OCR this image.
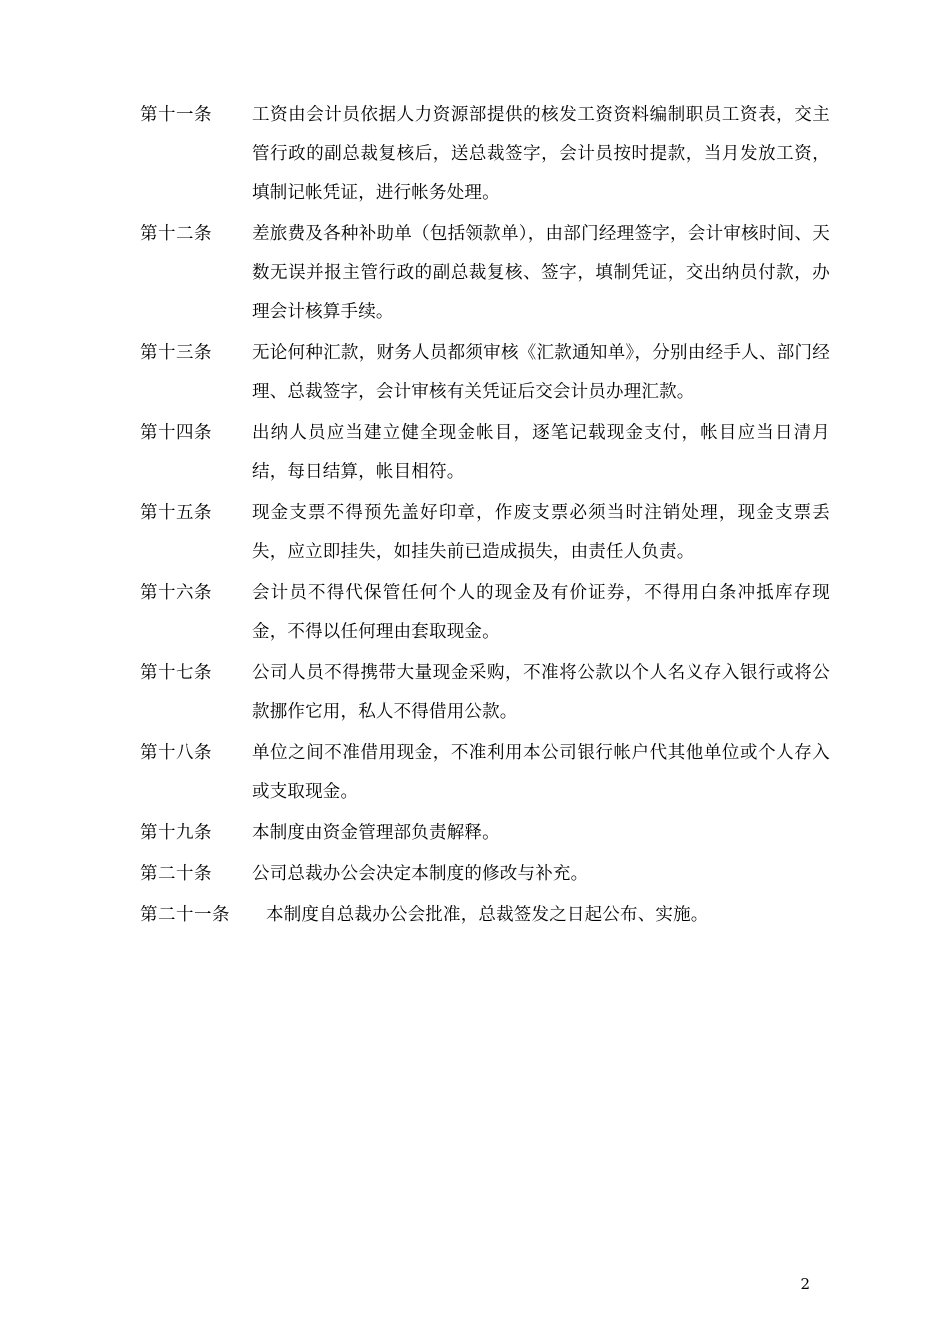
第十一条	工资由会计员依据人力资源部提供的核发工资资料编制职员工资表，交主管行政的副总裁复核后，送总裁签字，会计员按时提款，当月发放工资，填制记帐凭证，进行帐务处理。
第十二条	差旅费及各种补助单（包括领款单），由部门经理签字，会计审核时间、天数无误并报主管行政的副总裁复核、签字，填制凭证，交出纳员付款，办理会计核算手续。
第十三条	无论何种汇款，财务人员都须审核《汇款通知单》，分别由经手人、部门经理、总裁签字，会计审核有关凭证后交会计员办理汇款。
第十四条	出纳人员应当建立健全现金帐目，逐笔记载现金支付，帐目应当日清月结，每日结算，帐目相符。
第十五条	现金支票不得预先盖好印章，作废支票必须当时注销处理，现金支票丢失，应立即挂失，如挂失前已造成损失，由责任人负责。
第十六条	会计员不得代保管任何个人的现金及有价证券，不得用白条冲抵库存现金，不得以任何理由套取现金。
第十七条	公司人员不得携带大量现金采购，不准将公款以个人名义存入银行或将公款挪作它用，私人不得借用公款。
第十八条	单位之间不准借用现金，不准利用本公司银行帐户代其他单位或个人存入或支取现金。
第十九条	本制度由资金管理部负责解释。
第二十条	公司总裁办公会决定本制度的修改与补充。
第二十一条	本制度自总裁办公会批准，总裁签发之日起公布、实施。
2
